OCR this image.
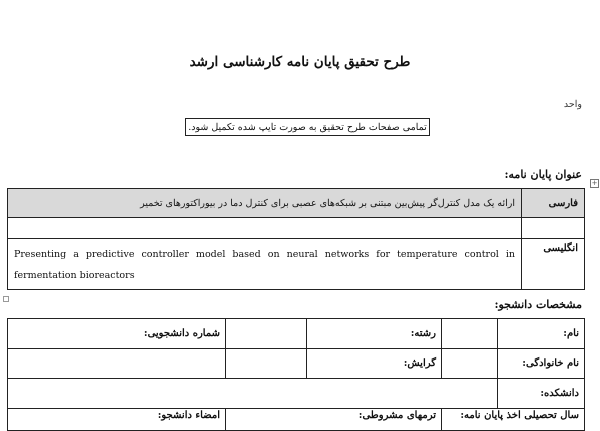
طرح تحقیق پایان نامه کارشناسی ارشد
واحد
تمامی صفحات طرح تحقیق به صورت تایپ شده تکمیل شود.
عنوان پایان نامه:
+
ارائه یک مدل کنترل‌گر پیش‌بین مبتنی بر شبکه‌های عصبی برای کنترل دما در بیوراکتورهای تخمیر	فارسی

Presenting a predictive controller model based on neural networks for temperature control in fermentation bioreactors	انگلیسی
مشخصات دانشجو:
نام:		رشته:		شماره دانشجویی:
نام خانوادگی:		گرایش:		
دانشکده:				
سال تحصیلی اخذ پایان نامه:		ترمهای مشروطی:		امضاء دانشجو:
